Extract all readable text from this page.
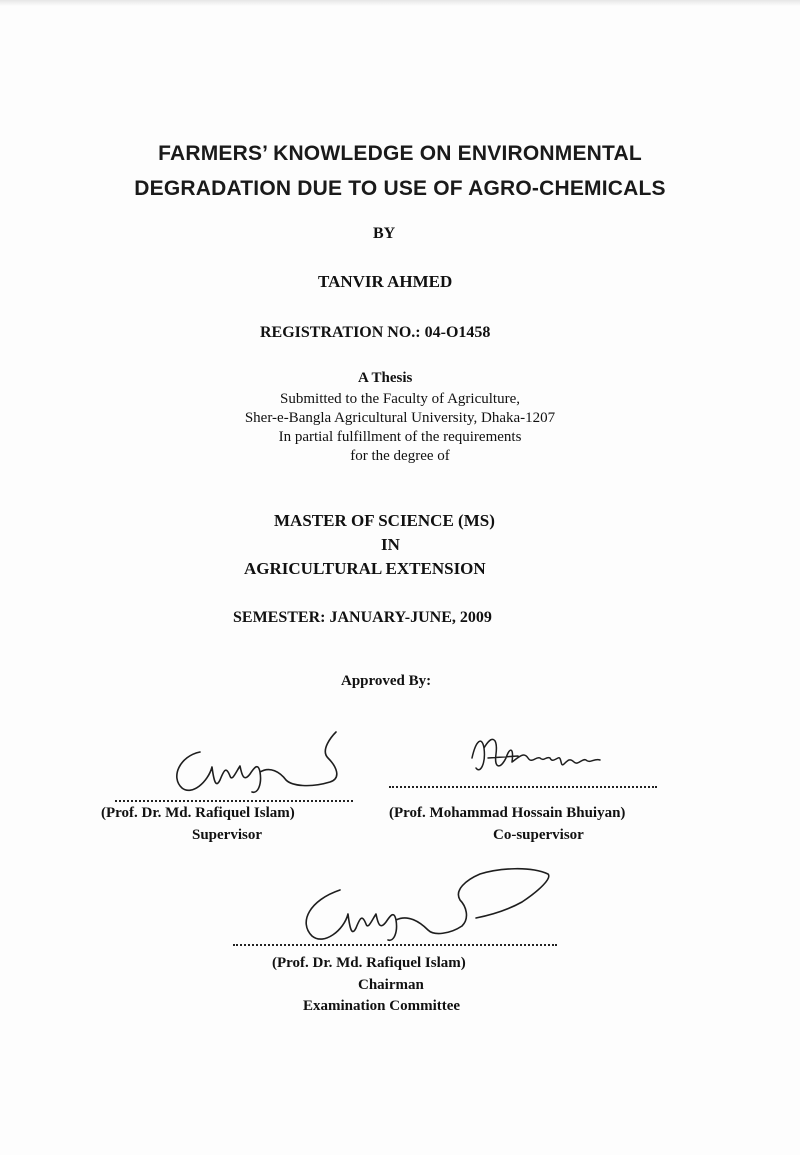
FARMERS’ KNOWLEDGE ON ENVIRONMENTAL
DEGRADATION DUE TO USE OF AGRO-CHEMICALS
BY
TANVIR AHMED
REGISTRATION NO.: 04-O1458
A Thesis
Submitted to the Faculty of Agriculture,
Sher-e-Bangla Agricultural University, Dhaka-1207
In partial fulfillment of the requirements
for the degree of
MASTER OF SCIENCE (MS)
IN
AGRICULTURAL EXTENSION
SEMESTER: JANUARY-JUNE, 2009
Approved By:
(Prof. Dr. Md. Rafiquel Islam)
Supervisor
(Prof. Mohammad Hossain Bhuiyan)
Co-supervisor
(Prof. Dr. Md. Rafiquel Islam)
Chairman
Examination Committee
